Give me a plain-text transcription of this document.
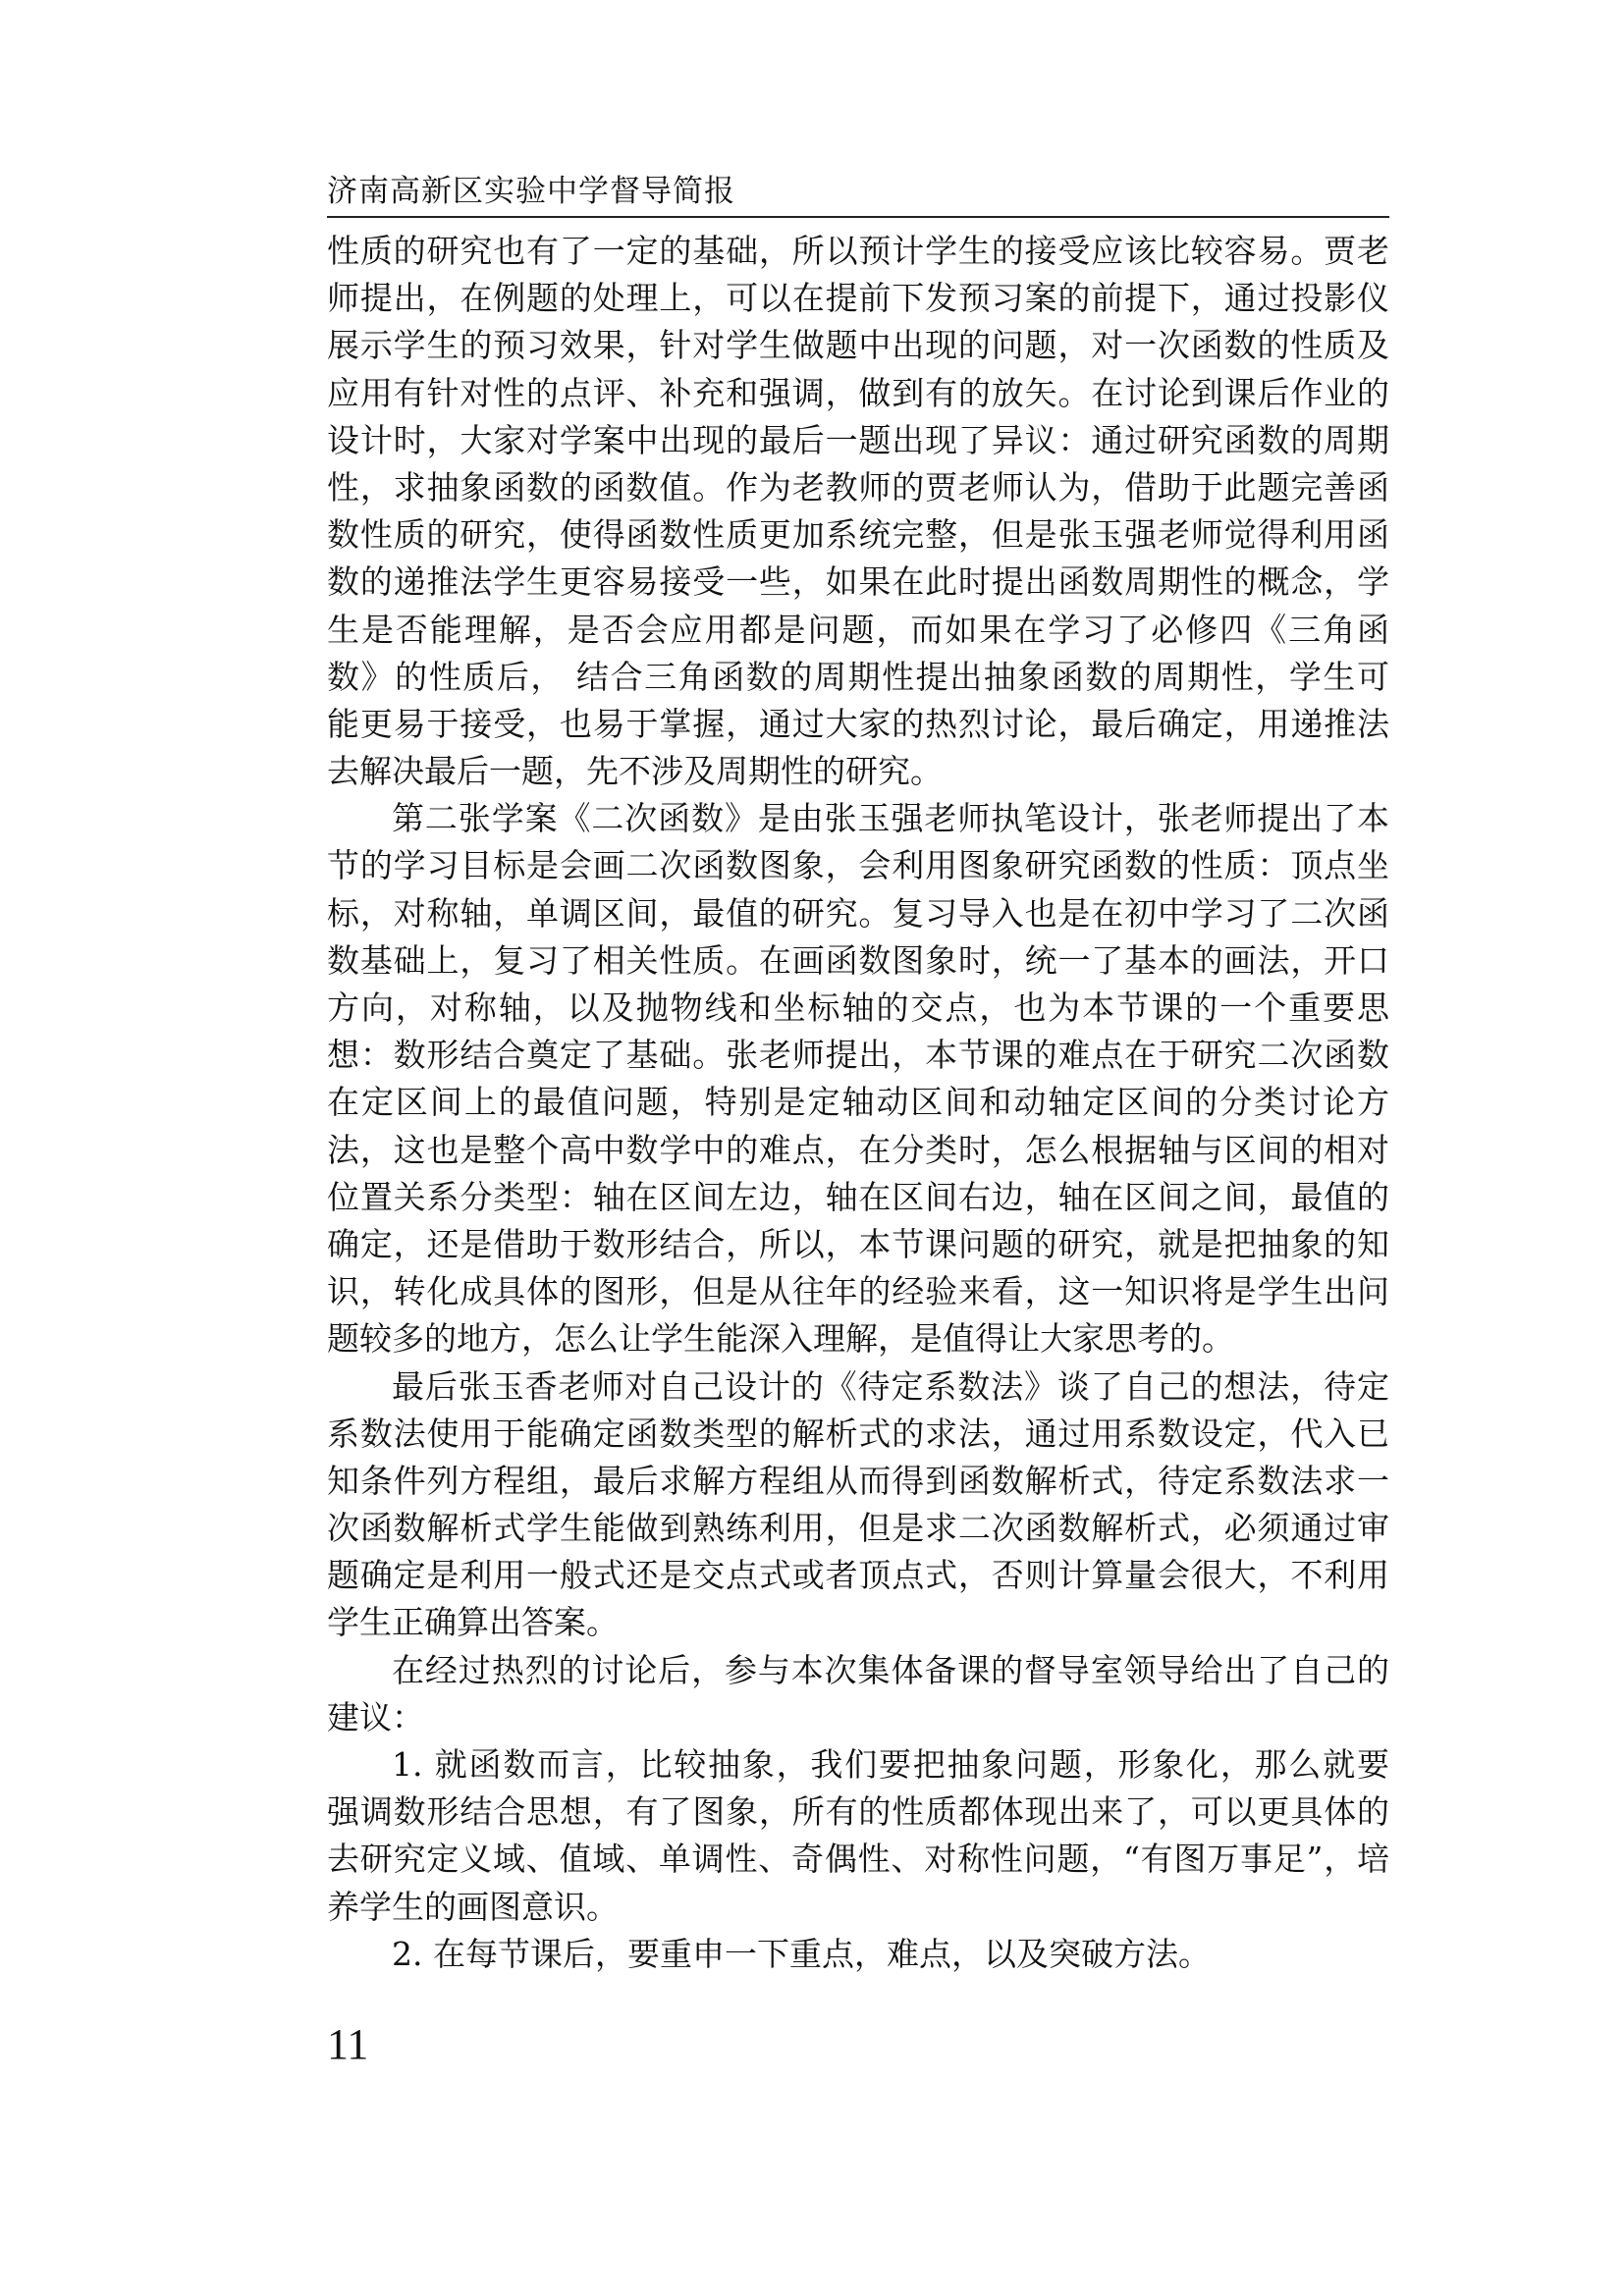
济南高新区实验中学督导简报
性质的研究也有了一定的基础，所以预计学生的接受应该比较容易。贾老
师提出，在例题的处理上，可以在提前下发预习案的前提下，通过投影仪
展示学生的预习效果，针对学生做题中出现的问题，对一次函数的性质及
应用有针对性的点评、补充和强调，做到有的放矢。在讨论到课后作业的
设计时，大家对学案中出现的最后一题出现了异议：通过研究函数的周期
性，求抽象函数的函数值。作为老教师的贾老师认为，借助于此题完善函
数性质的研究，使得函数性质更加系统完整，但是张玉强老师觉得利用函
数的递推法学生更容易接受一些，如果在此时提出函数周期性的概念，学
生是否能理解，是否会应用都是问题，而如果在学习了必修四《三角函
数》的性质后， 结合三角函数的周期性提出抽象函数的周期性，学生可
能更易于接受，也易于掌握，通过大家的热烈讨论，最后确定，用递推法
去解决最后一题，先不涉及周期性的研究。
第二张学案《二次函数》是由张玉强老师执笔设计，张老师提出了本
节的学习目标是会画二次函数图象，会利用图象研究函数的性质：顶点坐
标，对称轴，单调区间，最值的研究。复习导入也是在初中学习了二次函
数基础上，复习了相关性质。在画函数图象时，统一了基本的画法，开口
方向，对称轴，以及抛物线和坐标轴的交点，也为本节课的一个重要思
想：数形结合奠定了基础。张老师提出，本节课的难点在于研究二次函数
在定区间上的最值问题，特别是定轴动区间和动轴定区间的分类讨论方
法，这也是整个高中数学中的难点，在分类时，怎么根据轴与区间的相对
位置关系分类型：轴在区间左边，轴在区间右边，轴在区间之间，最值的
确定，还是借助于数形结合，所以，本节课问题的研究，就是把抽象的知
识，转化成具体的图形，但是从往年的经验来看，这一知识将是学生出问
题较多的地方，怎么让学生能深入理解，是值得让大家思考的。
最后张玉香老师对自己设计的《待定系数法》谈了自己的想法，待定
系数法使用于能确定函数类型的解析式的求法，通过用系数设定，代入已
知条件列方程组，最后求解方程组从而得到函数解析式，待定系数法求一
次函数解析式学生能做到熟练利用，但是求二次函数解析式，必须通过审
题确定是利用一般式还是交点式或者顶点式，否则计算量会很大，不利用
学生正确算出答案。
在经过热烈的讨论后，参与本次集体备课的督导室领导给出了自己的
建议：
1. 就函数而言，比较抽象，我们要把抽象问题，形象化，那么就要
强调数形结合思想，有了图象，所有的性质都体现出来了，可以更具体的
去研究定义域、值域、单调性、奇偶性、对称性问题，“有图万事足”，培
养学生的画图意识。
2. 在每节课后，要重申一下重点，难点，以及突破方法。
11
